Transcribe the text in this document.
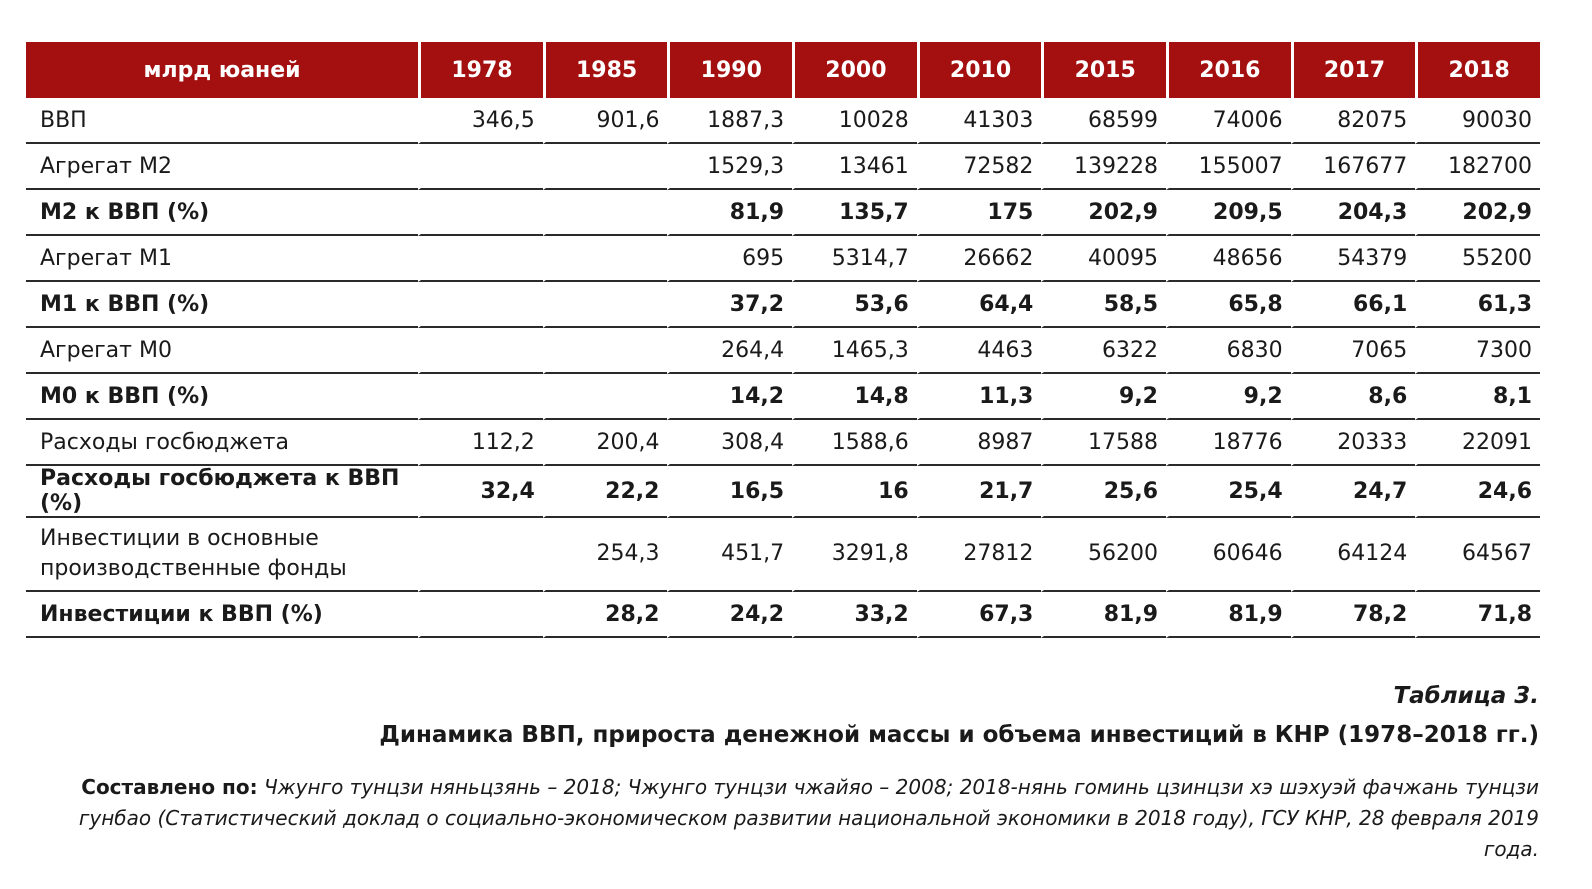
млрд юаней	1978	1985	1990	2000	2010	2015	2016	2017	2018
ВВП	346,5	901,6	1887,3	10028	41303	68599	74006	82075	90030
Агрегат М2			1529,3	13461	72582	139228	155007	167677	182700
М2 к ВВП (%)			81,9	135,7	175	202,9	209,5	204,3	202,9
Агрегат М1			695	5314,7	26662	40095	48656	54379	55200
М1 к ВВП (%)			37,2	53,6	64,4	58,5	65,8	66,1	61,3
Агрегат М0			264,4	1465,3	4463	6322	6830	7065	7300
М0 к ВВП (%)			14,2	14,8	11,3	9,2	9,2	8,6	8,1
Расходы госбюджета	112,2	200,4	308,4	1588,6	8987	17588	18776	20333	22091
Расходы госбюджета к ВВП (%)	32,4	22,2	16,5	16	21,7	25,6	25,4	24,7	24,6
Инвестиции в основные производственные фонды		254,3	451,7	3291,8	27812	56200	60646	64124	64567
Инвестиции к ВВП (%)		28,2	24,2	33,2	67,3	81,9	81,9	78,2	71,8
Таблица 3.
Динамика ВВП, прироста денежной массы и объема инвестиций в КНР (1978–2018 гг.)
Составлено по: Чжунго тунцзи няньцзянь – 2018; Чжунго тунцзи чжайяо – 2008; 2018-нянь гоминь цзинцзи хэ шэхуэй фачжань тунцзи гунбао (Статистический доклад о социально-экономическом развитии национальной экономики в 2018 году), ГСУ КНР, 28 февраля 2019 года.
